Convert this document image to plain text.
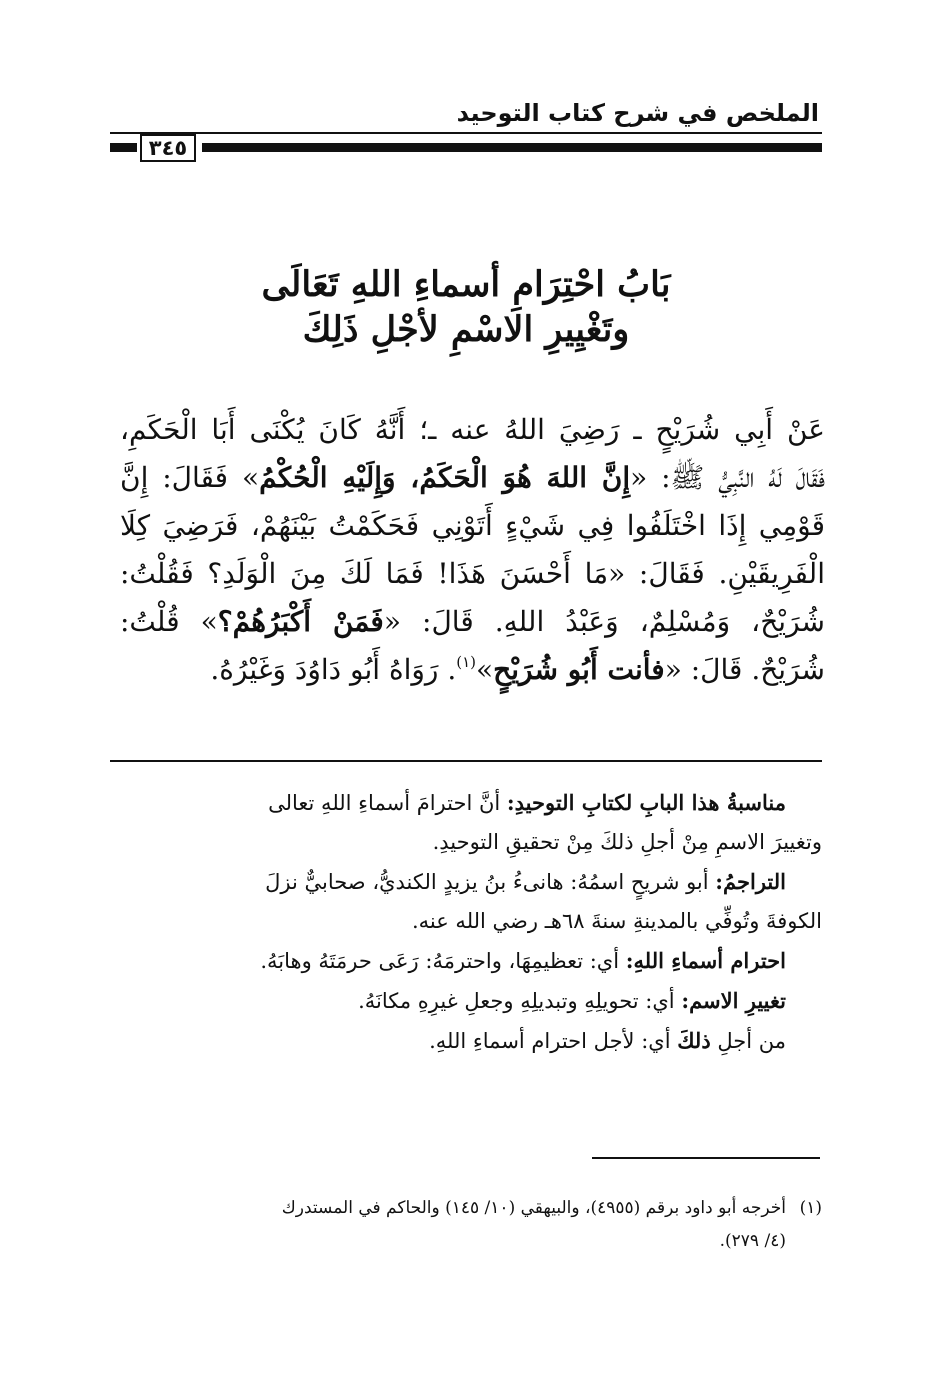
الملخص في شرح كتاب التوحيد
٣٤٥
بَابُ احْتِرَامِ أسماءِ اللهِ تَعَالَى
وتَغْيِيرِ الاسْمِ لأجْلِ ذَلِكَ
عَنْ أَبِي شُرَيْحٍ ـ رَضِيَ اللهُ عنه ـ؛ أَنَّهُ كَانَ يُكْنَى أَبَا الْحَكَمِ،
فَقَالَ لَهُ النَّبِيُّ ﷺ: «إِنَّ اللهَ هُوَ الْحَكَمُ، وَإِلَيْهِ الْحُكْمُ» فَقَالَ: إِنَّ
قَوْمِي إِذَا اخْتَلَفُوا فِي شَيْءٍ أَتَوْنِي فَحَكَمْتُ بَيْنَهُمْ، فَرَضِيَ كِلَا
الْفَرِيقَيْنِ. فَقَالَ: «مَا أَحْسَنَ هَذَا! فَمَا لَكَ مِنَ الْوَلَدِ؟ فَقُلْتُ:
شُرَيْحٌ، وَمُسْلِمٌ، وَعَبْدُ اللهِ. قَالَ: «فَمَنْ أَكْبَرُهُمْ؟» قُلْتُ:
شُرَيْحٌ. قَالَ: «فأنت أَبُو شُرَيْحٍ»$^{(١)}$. رَوَاهُ أَبُو دَاوُدَ وَغَيْرُهُ.

مناسبةُ هذا البابِ لكتابِ التوحيدِ: أنَّ احترامَ أسماءِ اللهِ تعالى

وتغييرَ الاسمِ مِنْ أجلِ ذلكَ مِنْ تحقيقِ التوحيدِ.

التراجمُ: أبو شريحٍ اسمُهُ: هانىءُ بنُ يزيدٍ الكنديُّ، صحابيٌّ نزلَ

الكوفةَ وتُوفِّي بالمدينةِ سنةَ ٦٨هـ رضي الله عنه.

احترام أسماءِ اللهِ: أي: تعظيمِهَا، واحترمَهُ: رَعَى حرمَتَهُ وهابَهُ.

تغييرِ الاسم: أي: تحويلِهِ وتبديلِهِ وجعلِ غيرِهِ مكانَهُ.

من أجلِ ذلكَ أي: لأجل احترام أسماءِ اللهِ.

(١)أخرجه أبو داود برقم (٤٩٥٥)، والبيهقي (١٠/ ١٤٥) والحاكم في المستدرك

(٤/ ٢٧٩).
